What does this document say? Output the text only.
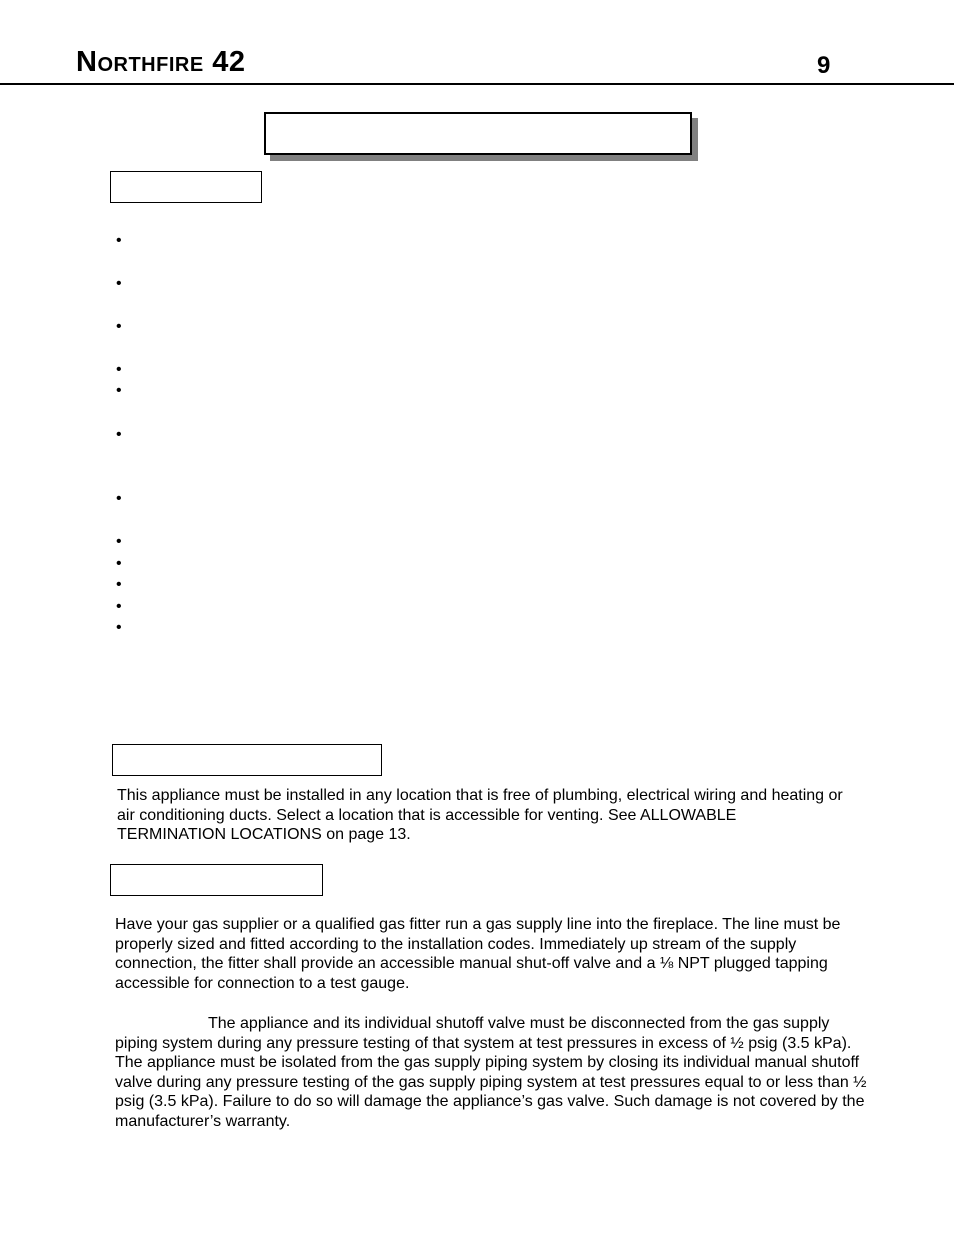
Northfire 42	9
•
•
•
•
•
•
•
•
•
•
•
•

This appliance must be installed in any location that is free of plumbing, electrical wiring and heating or air conditioning ducts. Select a location that is accessible for venting. See ALLOWABLE TERMINATION LOCATIONS on page 13.

Have your gas supplier or a qualified gas fitter run a gas supply line into the fireplace. The line must be properly sized and fitted according to the installation codes. Immediately up stream of the supply connection, the fitter shall provide an accessible manual shut-off valve and a ⅛ NPT plugged tapping accessible for connection to a test gauge.

The appliance and its individual shutoff valve must be disconnected from the gas supply piping system during any pressure testing of that system at test pressures in excess of ½ psig (3.5 kPa). The appliance must be isolated from the gas supply piping system by closing its individual manual shutoff valve during any pressure testing of the gas supply piping system at test pressures equal to or less than ½ psig (3.5 kPa). Failure to do so will damage the appliance’s gas valve. Such damage is not covered by the manufacturer’s warranty.
